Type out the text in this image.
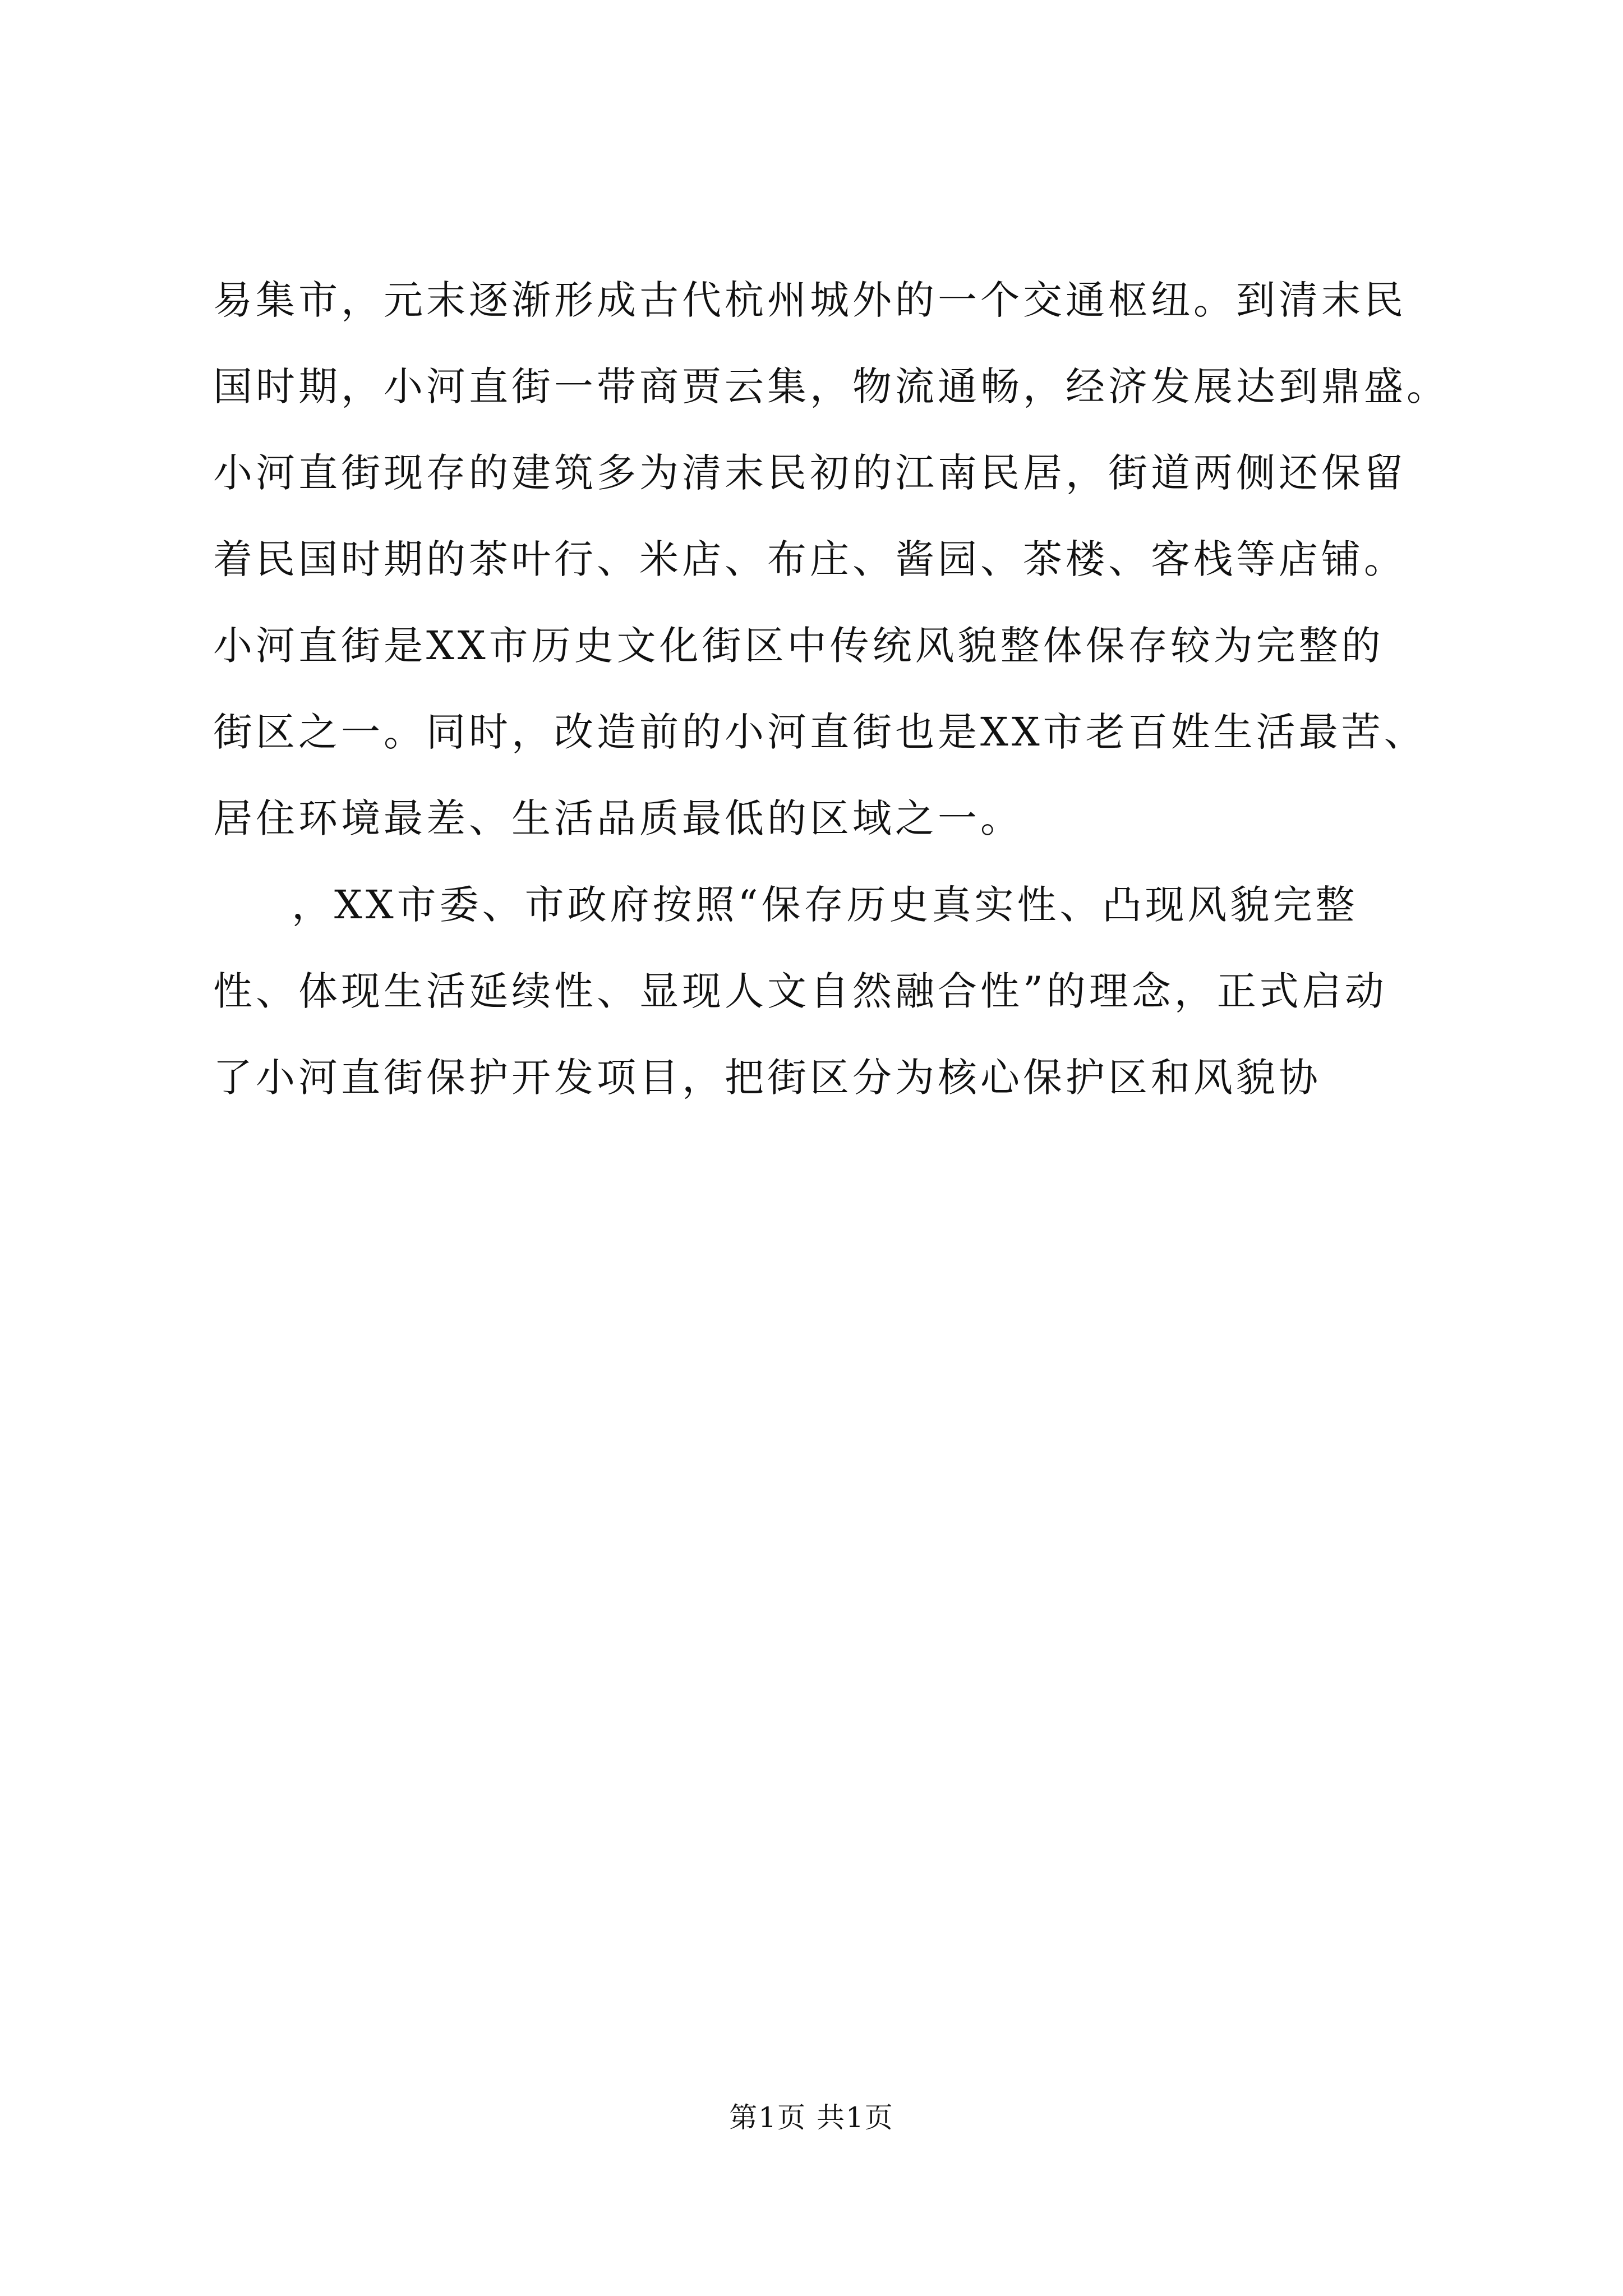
易集市，元末逐渐形成古代杭州城外的一个交通枢纽。到清末民
国时期，小河直街一带商贾云集，物流通畅，经济发展达到鼎盛。
小河直街现存的建筑多为清末民初的江南民居，街道两侧还保留
着民国时期的茶叶行、米店、布庄、酱园、茶楼、客栈等店铺。
小河直街是XX市历史文化街区中传统风貌整体保存较为完整的
街区之一。同时，改造前的小河直街也是XX市老百姓生活最苦、
居住环境最差、生活品质最低的区域之一。
，XX市委、市政府按照“保存历史真实性、凸现风貌完整
性、体现生活延续性、显现人文自然融合性”的理念，正式启动
了小河直街保护开发项目，把街区分为核心保护区和风貌协
第1页 共1页
